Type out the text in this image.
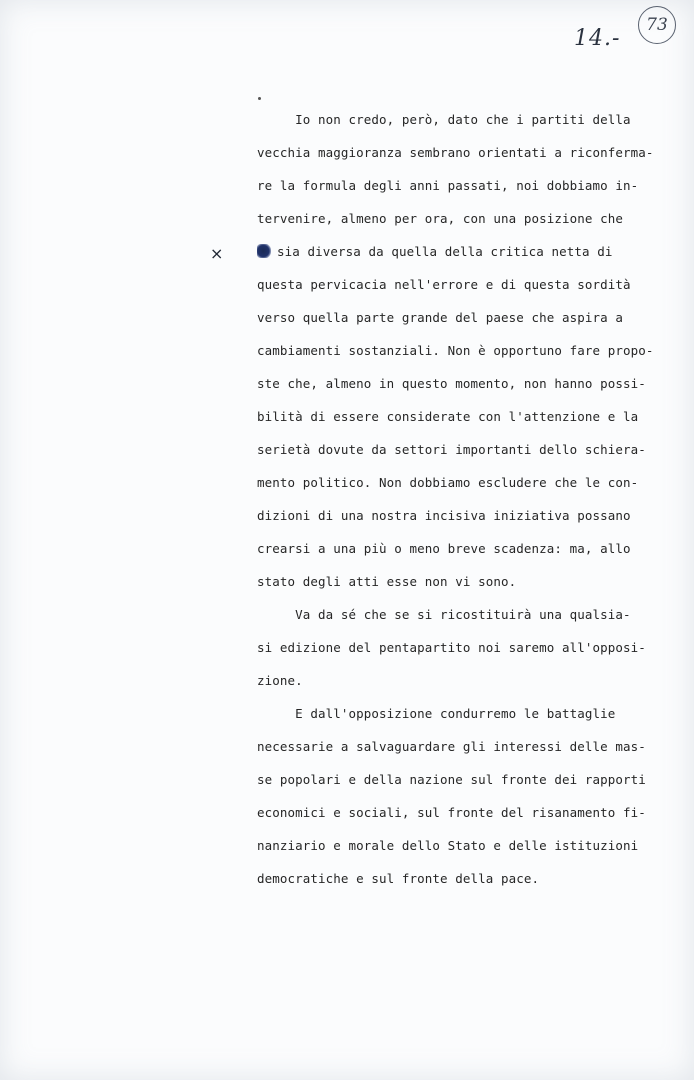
73
14.-
×
Io non credo, però, dato che i partiti della
vecchia maggioranza sembrano orientati a riconferma-
re la formula degli anni passati, noi dobbiamo in-
tervenire, almeno per ora, con una posizione che
sia diversa da quella della critica netta di
questa pervicacia nell'errore e di questa sordità
verso quella parte grande del paese che aspira a
cambiamenti sostanziali. Non è opportuno fare propo-
ste che, almeno in questo momento, non hanno possi-
bilità di essere considerate con l'attenzione e la
serietà dovute da settori importanti dello schiera-
mento politico. Non dobbiamo escludere che le con-
dizioni di una nostra incisiva iniziativa possano
crearsi a una più o meno breve scadenza: ma, allo
stato degli atti esse non vi sono.
Va da sé che se si ricostituirà una qualsia-
si edizione del pentapartito noi saremo all'opposi-
zione.
E dall'opposizione condurremo le battaglie
necessarie a salvaguardare gli interessi delle mas-
se popolari e della nazione sul fronte dei rapporti
economici e sociali, sul fronte del risanamento fi-
nanziario e morale dello Stato e delle istituzioni
democratiche e sul fronte della pace.
